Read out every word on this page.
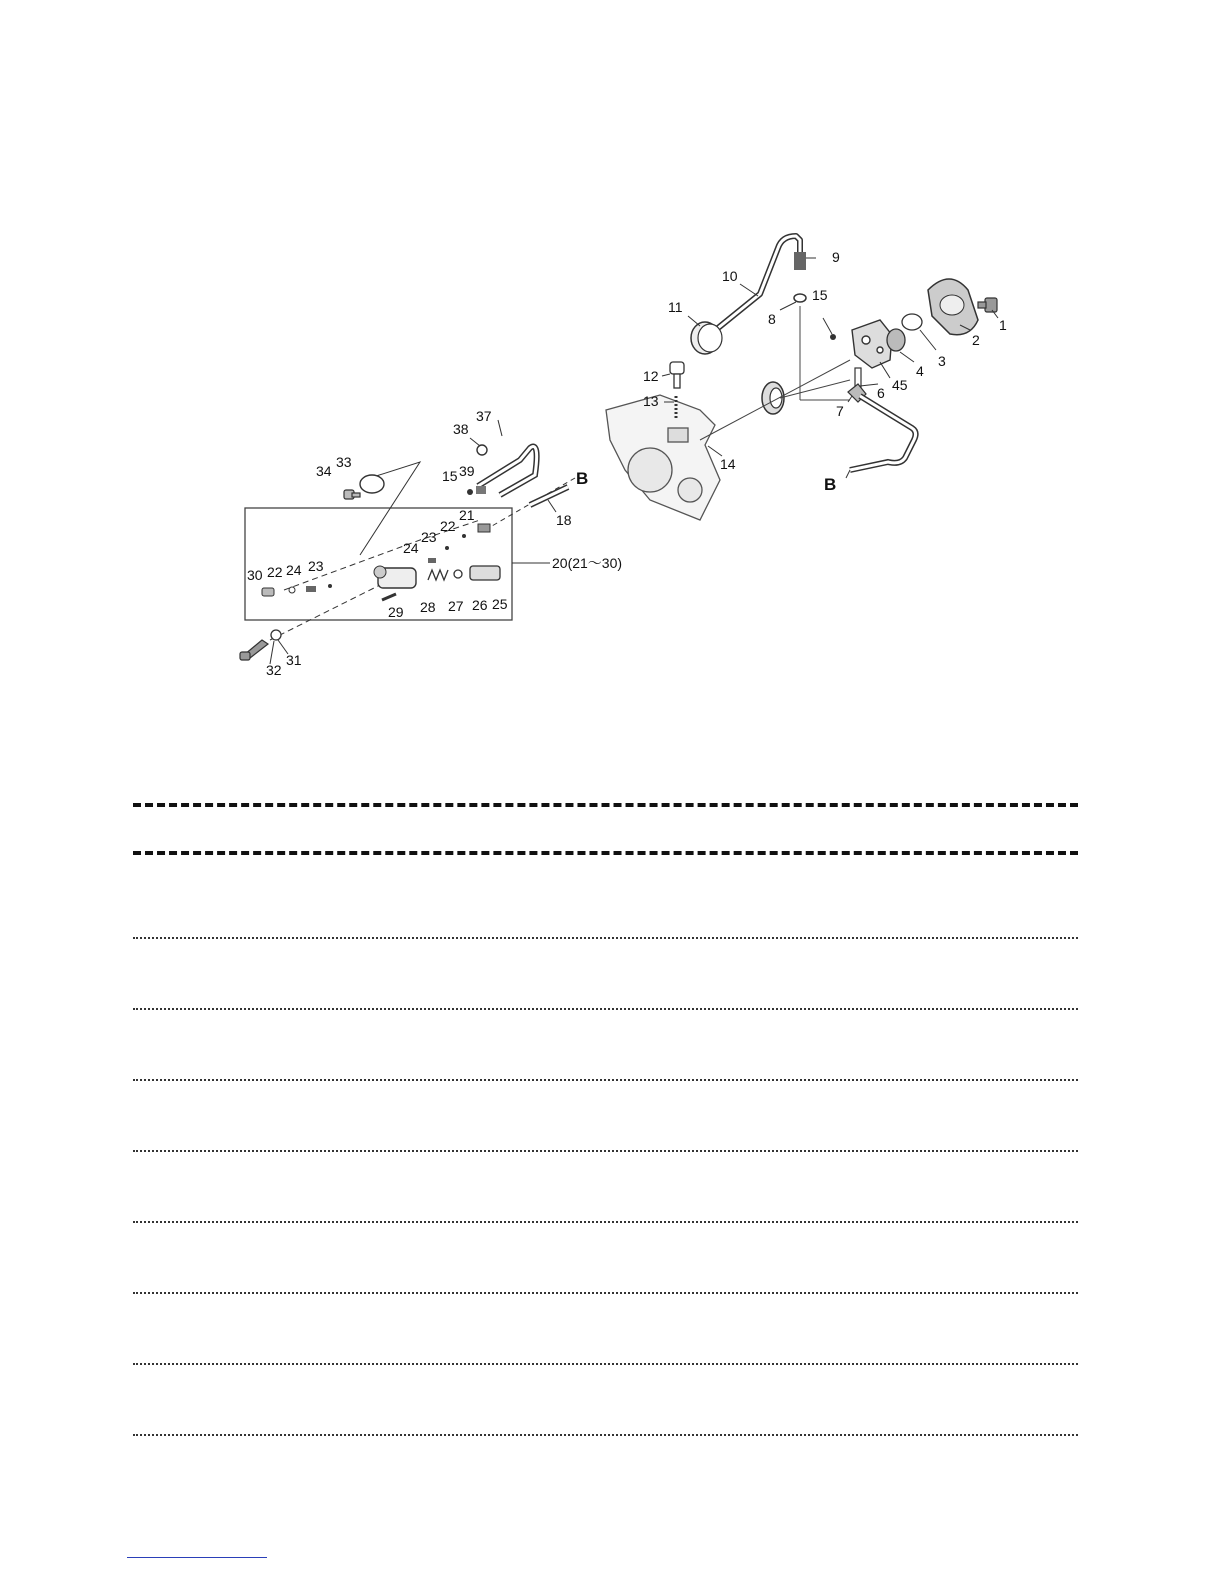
1
2
3
4
45
6
7
8
9
10
11
12
13
14
15
15
18
20(21～30)
21
22
22
23
23
24
24
25
26
27
28
29
30
31
32
33
34
37
38
39	B	B
